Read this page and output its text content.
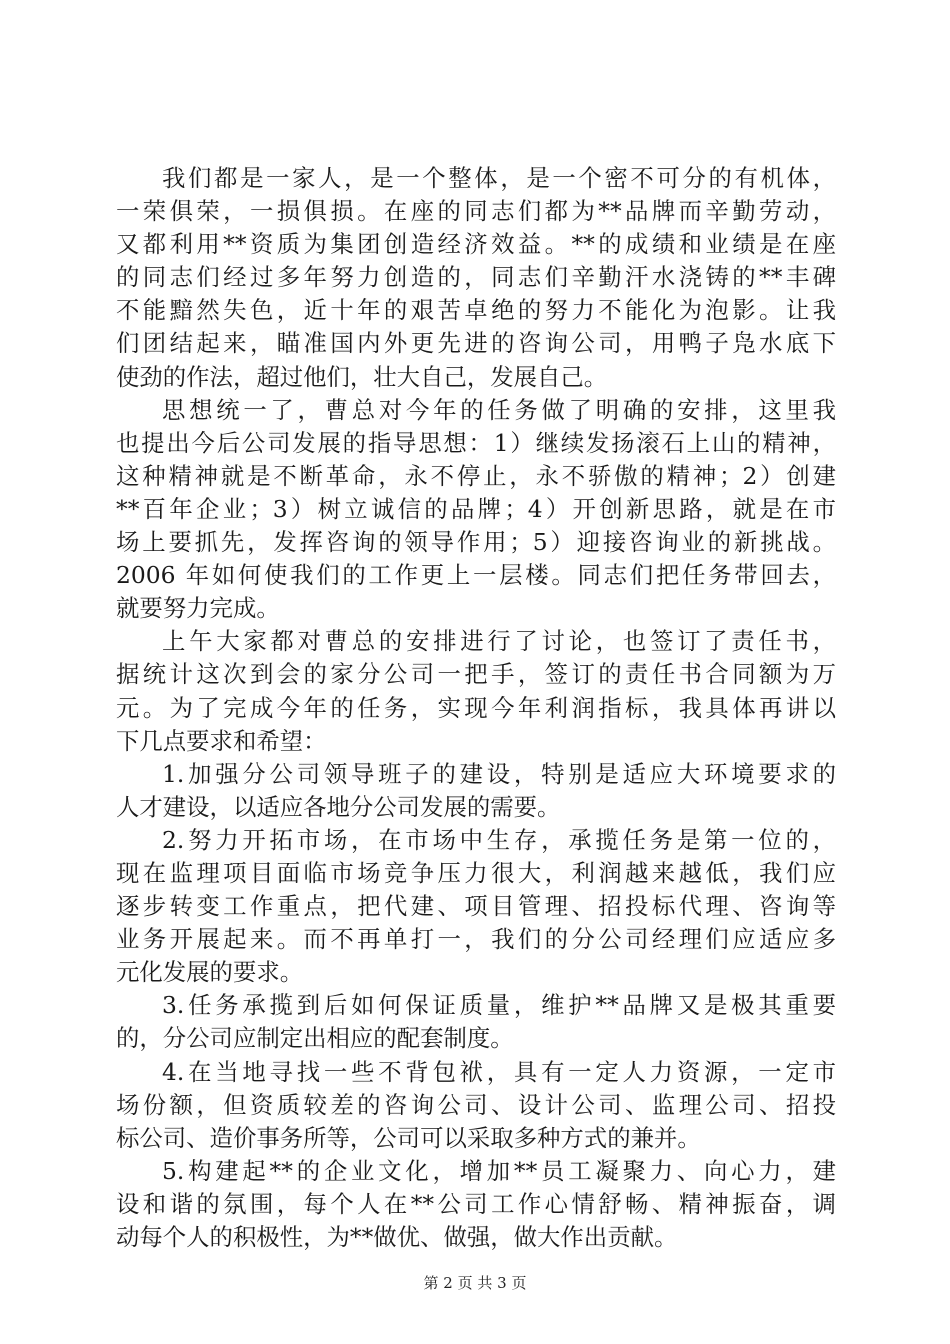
我们都是一家人，是一个整体，是一个密不可分的有机体，
一荣俱荣，一损俱损。在座的同志们都为**品牌而辛勤劳动，
又都利用**资质为集团创造经济效益。**的成绩和业绩是在座
的同志们经过多年努力创造的，同志们辛勤汗水浇铸的**丰碑
不能黯然失色，近十年的艰苦卓绝的努力不能化为泡影。让我
们团结起来，瞄准国内外更先进的咨询公司，用鸭子凫水底下
使劲的作法，超过他们，壮大自己，发展自己。
思想统一了，曹总对今年的任务做了明确的安排，这里我
也提出今后公司发展的指导思想：1）继续发扬滚石上山的精神，
这种精神就是不断革命，永不停止，永不骄傲的精神；2）创建
**百年企业；3）树立诚信的品牌；4）开创新思路，就是在市
场上要抓先，发挥咨询的领导作用；5）迎接咨询业的新挑战。
2006 年如何使我们的工作更上一层楼。同志们把任务带回去，
就要努力完成。
上午大家都对曹总的安排进行了讨论，也签订了责任书，
据统计这次到会的家分公司一把手，签订的责任书合同额为万
元。为了完成今年的任务，实现今年利润指标，我具体再讲以
下几点要求和希望：
1.加强分公司领导班子的建设，特别是适应大环境要求的
人才建设，以适应各地分公司发展的需要。
2.努力开拓市场，在市场中生存，承揽任务是第一位的，
现在监理项目面临市场竞争压力很大，利润越来越低，我们应
逐步转变工作重点，把代建、项目管理、招投标代理、咨询等
业务开展起来。而不再单打一，我们的分公司经理们应适应多
元化发展的要求。
3.任务承揽到后如何保证质量，维护**品牌又是极其重要
的，分公司应制定出相应的配套制度。
4.在当地寻找一些不背包袱，具有一定人力资源，一定市
场份额，但资质较差的咨询公司、设计公司、监理公司、招投
标公司、造价事务所等，公司可以采取多种方式的兼并。
5.构建起**的企业文化，增加**员工凝聚力、向心力，建
设和谐的氛围，每个人在**公司工作心情舒畅、精神振奋，调
动每个人的积极性，为**做优、做强，做大作出贡献。
第 2 页 共 3 页
